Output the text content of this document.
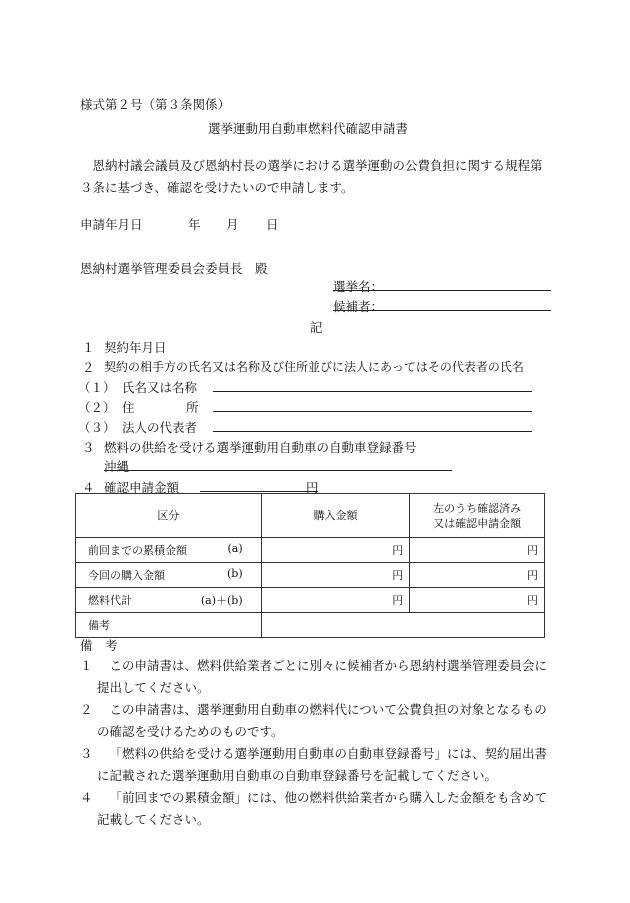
様式第２号（第３条関係）
選挙運動用自動車燃料代確認申請書
恩納村議会議員及び恩納村長の選挙における選挙運動の公費負担に関する規程第３条に基づき、確認を受けたいので申請します。
申請年月日	年 月 日
恩納村選挙管理委員会委員長　殿
選挙名：
候補者：
記
１ 契約年月日
２ 契約の相手方の氏名又は名称及び住所並びに法人にあってはその代表者の氏名
（１） 氏名又は名称
（２） 住	所
（３） 法人の代表者
３ 燃料の供給を受ける選挙運動用自動車の自動車登録番号
沖縄
４ 確認申請金額	円
区分	購入金額	左のうち確認済み
又は確認申請金額

前回までの累積金額 (a)	円	円
今回の購入金額 (b)	円	円
燃料代計 (a)＋(b)	円	円
備考		
備　考
１	この申請書は、燃料供給業者ごとに別々に候補者から恩納村選挙管理委員会に提出してください。
２	この申請書は、選挙運動用自動車の燃料代について公費負担の対象となるものの確認を受けるためのものです。
３	「燃料の供給を受ける選挙運動用自動車の自動車登録番号」には、契約届出書に記載された選挙運動用自動車の自動車登録番号を記載してください。
４	「前回までの累積金額」には、他の燃料供給業者から購入した金額をも含めて記載してください。
